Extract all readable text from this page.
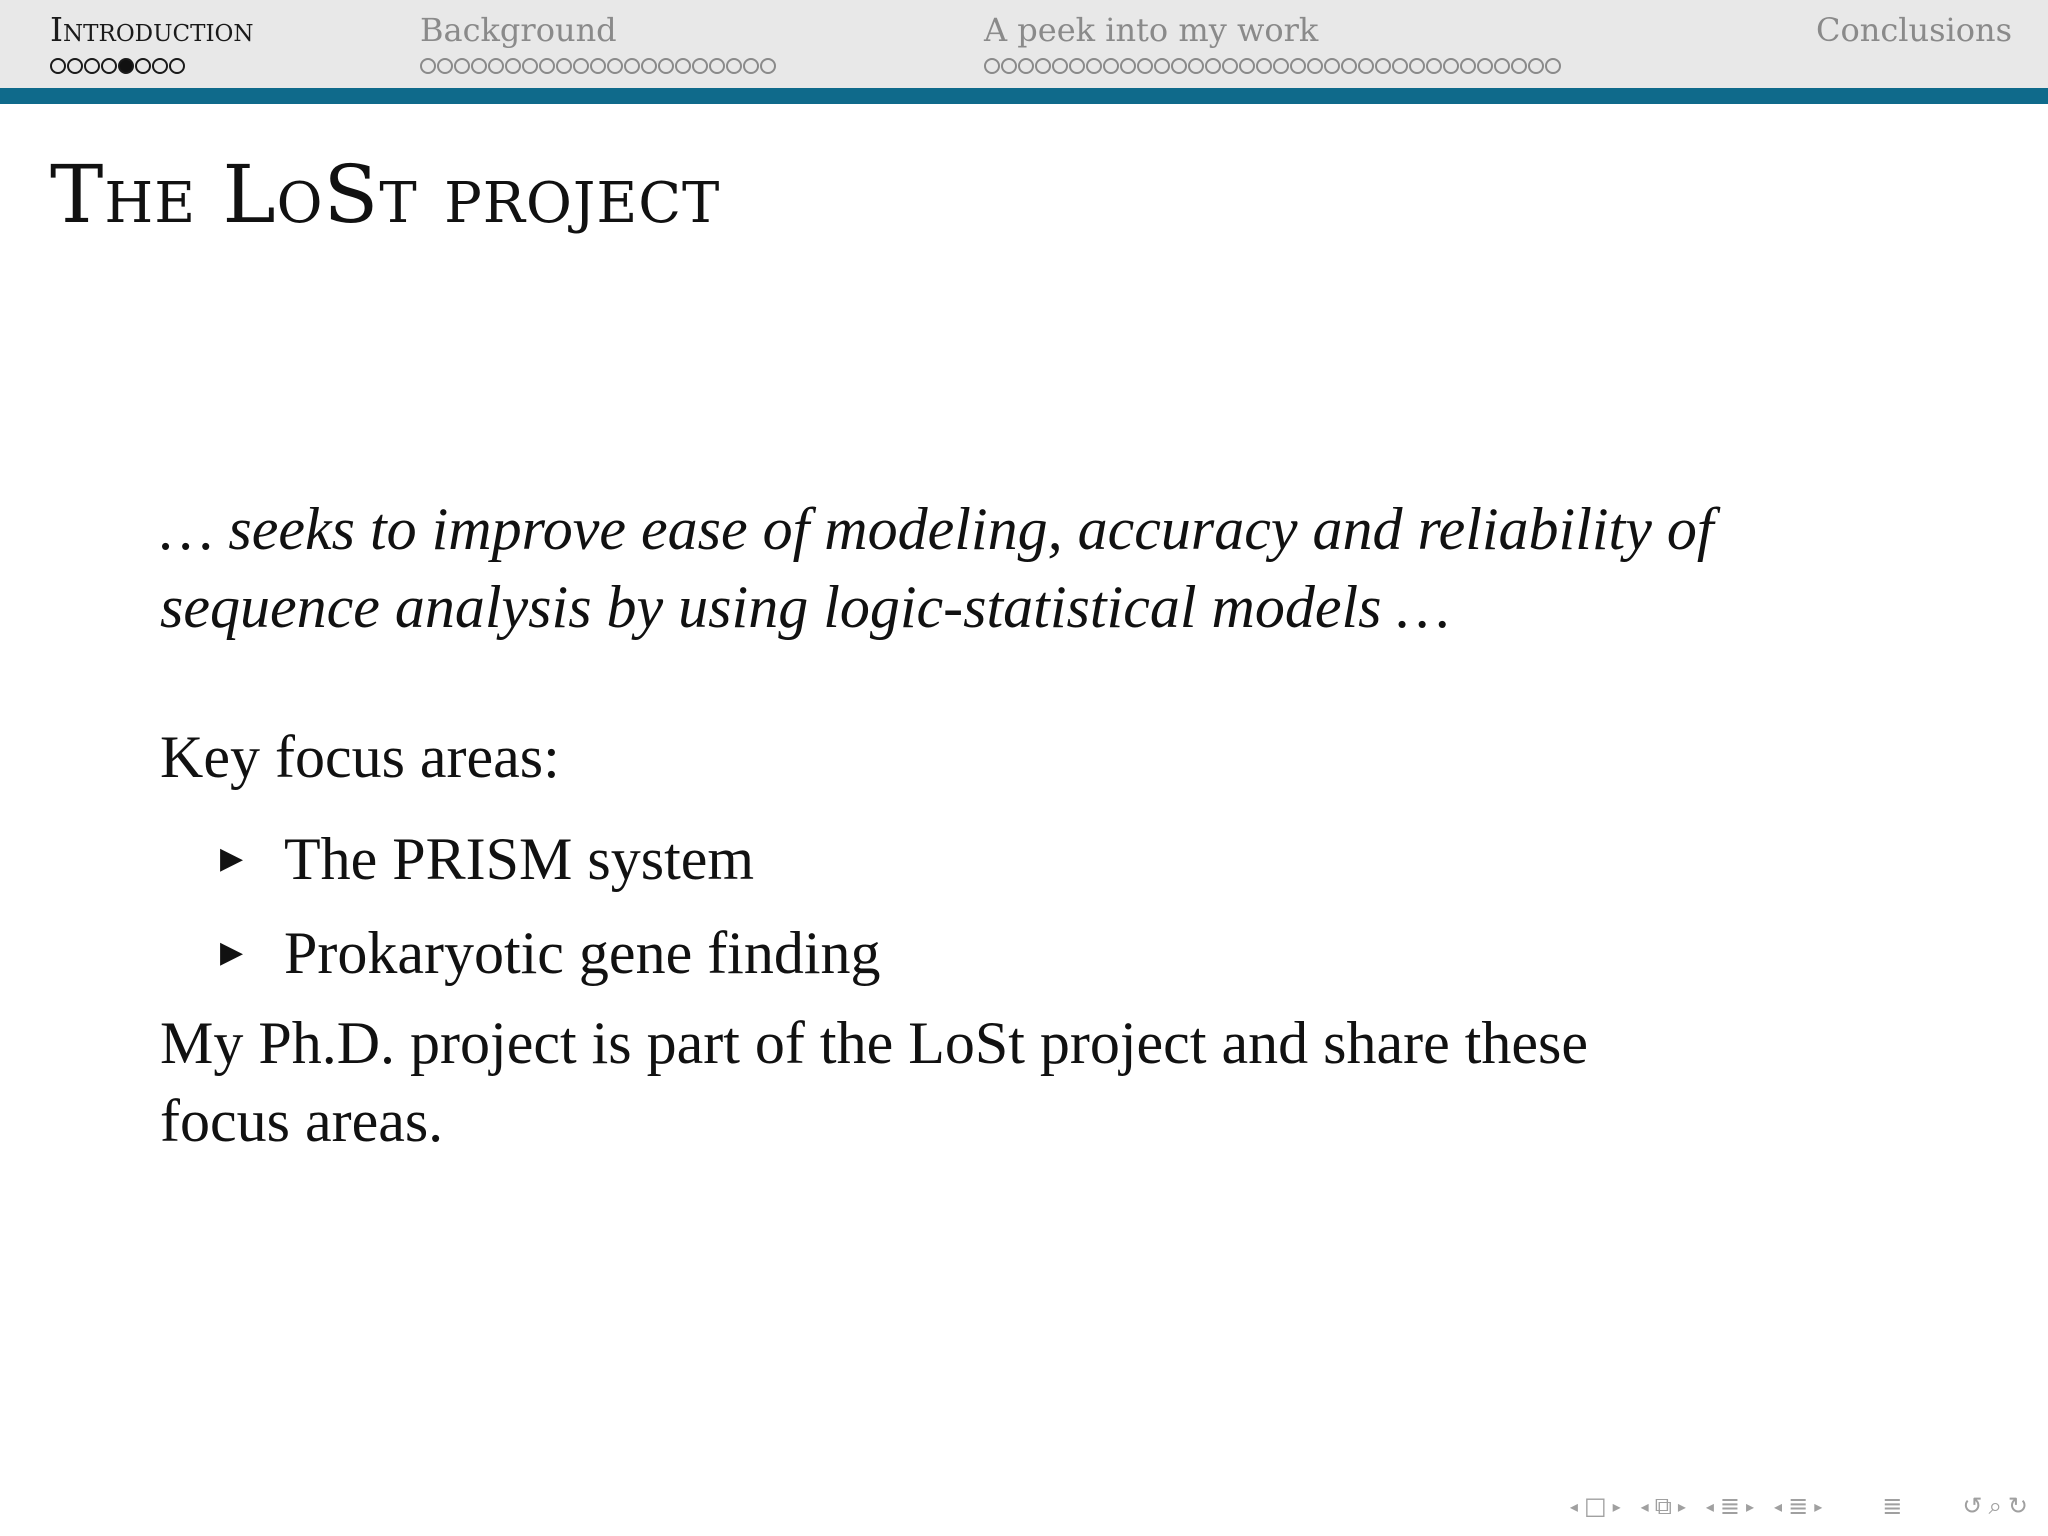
Introduction	Background	A peek into my work	Conclusions
The LoSt project

… seeks to improve ease of modeling, accuracy and reliability of

sequence analysis by using logic-statistical models …

Key focus areas:

▶ The PRISM system
▶ Prokaryotic gene finding

My Ph.D. project is part of the LoSt project and share these

focus areas.

◂ □ ▸ ◂ ⧉ ▸ ◂ ≣ ▸ ◂ ≣ ▸	≣	↺ ⌕ ↻
